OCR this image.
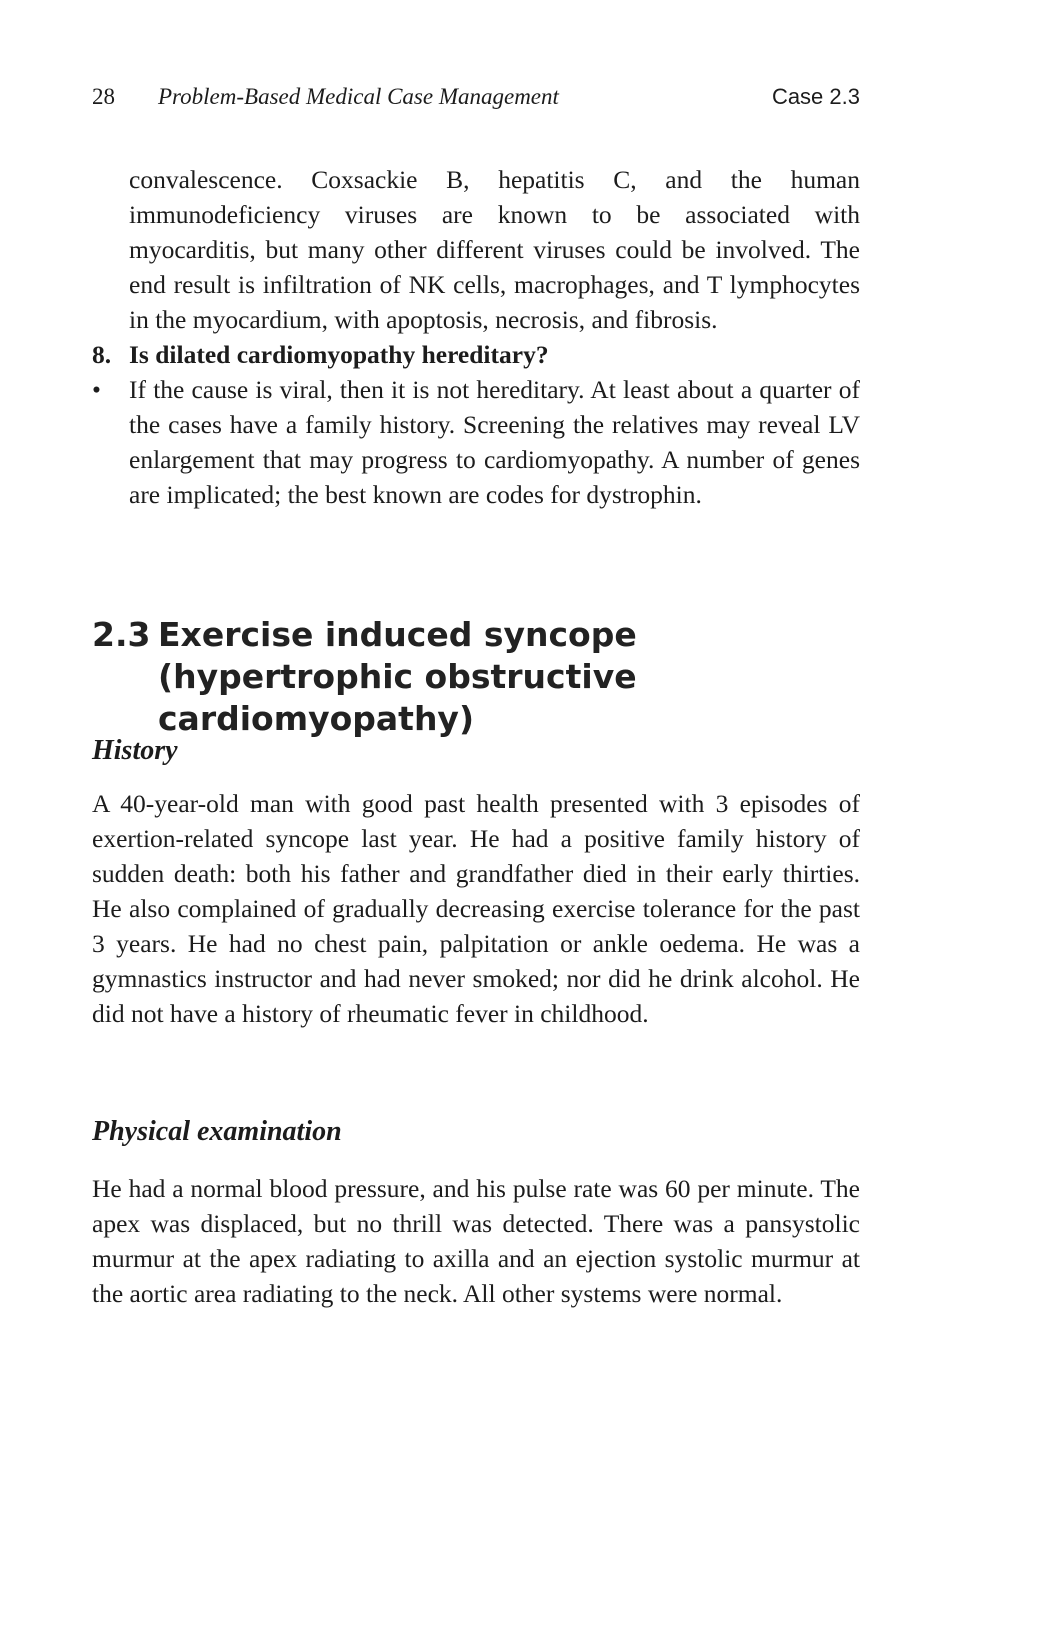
28 Problem-Based Medical Case Management	Case 2.3

convalescence. Coxsackie B, hepatitis C, and the human immunodeficiency viruses are known to be associated with myocarditis, but many other different viruses could be involved. The end result is infiltration of NK cells, macrophages, and T lymphocytes in the myocardium, with apoptosis, necrosis, and fibrosis.

8. Is dilated cardiomyopathy hereditary?
• If the cause is viral, then it is not hereditary. At least about a quarter of the cases have a family history. Screening the relatives may reveal LV enlargement that may progress to cardiomyopathy. A number of genes are implicated; the best known are codes for dystrophin.

2.3 Exercise induced syncope (hypertrophic obstructive cardiomyopathy)
History

A 40-year-old man with good past health presented with 3 episodes of exertion-related syncope last year. He had a positive family history of sudden death: both his father and grandfather died in their early thirties. He also complained of gradually decreasing exercise tolerance for the past 3 years. He had no chest pain, palpitation or ankle oedema. He was a gymnastics instructor and had never smoked; nor did he drink alcohol. He did not have a history of rheumatic fever in childhood.

Physical examination

He had a normal blood pressure, and his pulse rate was 60 per minute. The apex was displaced, but no thrill was detected. There was a pansystolic murmur at the apex radiating to axilla and an ejection systolic murmur at the aortic area radiating to the neck. All other systems were normal.
